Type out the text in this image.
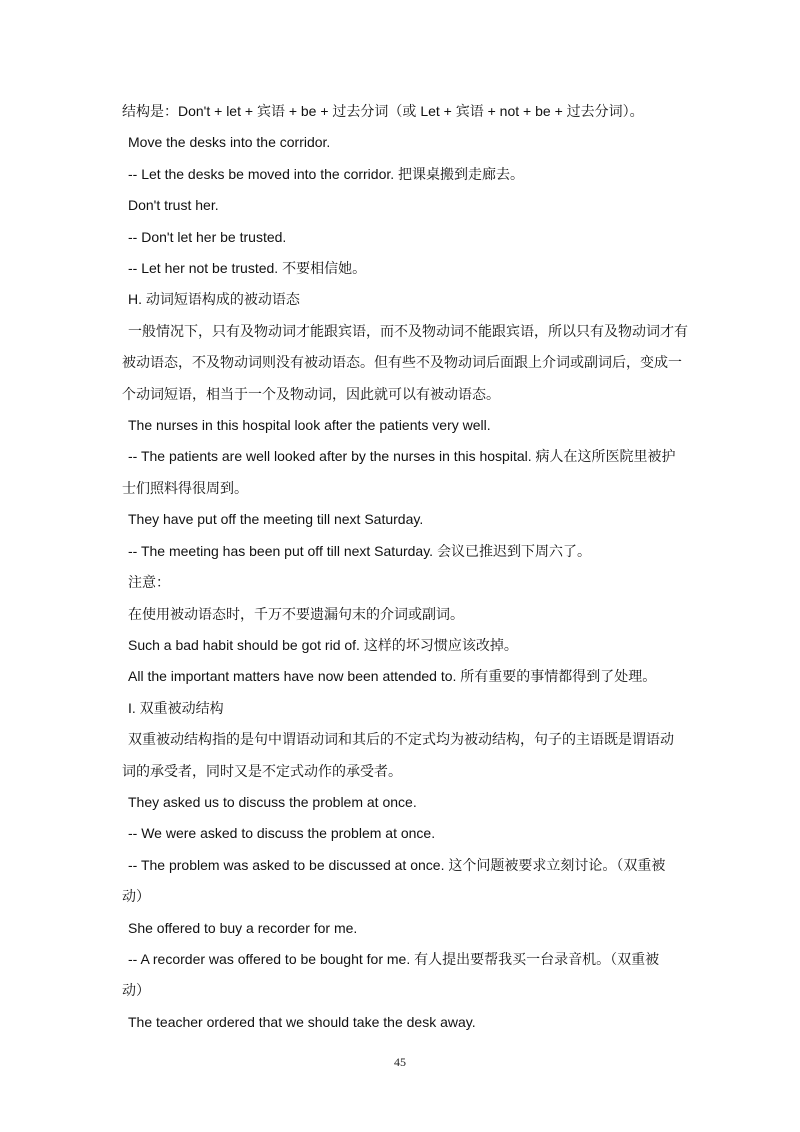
结构是：Don't + let + 宾语 + be + 过去分词（或 Let + 宾语 + not + be + 过去分词）。
Move the desks into the corridor.
-- Let the desks be moved into the corridor. 把课桌搬到走廊去。
Don't trust her.
-- Don't let her be trusted.
-- Let her not be trusted. 不要相信她。
H. 动词短语构成的被动语态
一般情况下，只有及物动词才能跟宾语，而不及物动词不能跟宾语，所以只有及物动词才有
被动语态，不及物动词则没有被动语态。但有些不及物动词后面跟上介词或副词后，变成一
个动词短语，相当于一个及物动词，因此就可以有被动语态。
The nurses in this hospital look after the patients very well.
-- The patients are well looked after by the nurses in this hospital. 病人在这所医院里被护
士们照料得很周到。
They have put off the meeting till next Saturday.
-- The meeting has been put off till next Saturday. 会议已推迟到下周六了。
注意：
在使用被动语态时，千万不要遗漏句末的介词或副词。
Such a bad habit should be got rid of. 这样的坏习惯应该改掉。
All the important matters have now been attended to. 所有重要的事情都得到了处理。
I. 双重被动结构
双重被动结构指的是句中谓语动词和其后的不定式均为被动结构，句子的主语既是谓语动
词的承受者，同时又是不定式动作的承受者。
They asked us to discuss the problem at once.
-- We were asked to discuss the problem at once.
-- The problem was asked to be discussed at once. 这个问题被要求立刻讨论。（双重被
动）
She offered to buy a recorder for me.
-- A recorder was offered to be bought for me. 有人提出要帮我买一台录音机。（双重被
动）
The teacher ordered that we should take the desk away.
45
